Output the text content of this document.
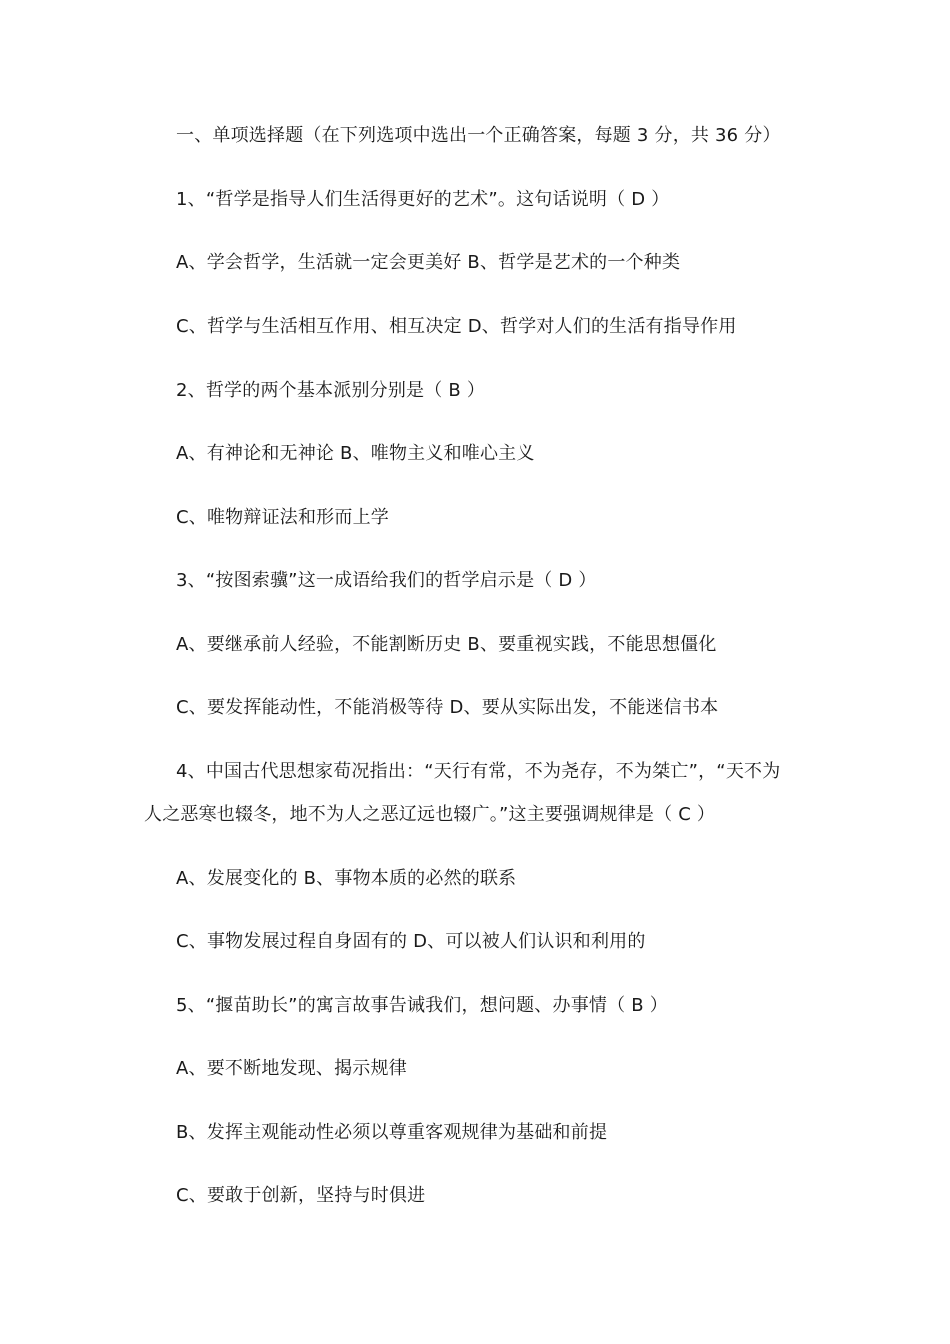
一、单项选择题（在下列选项中选出一个正确答案，每题 3 分，共 36 分）
1、“哲学是指导人们生活得更好的艺术”。这句话说明（ D ）
A、学会哲学，生活就一定会更美好 B、哲学是艺术的一个种类
C、哲学与生活相互作用、相互决定 D、哲学对人们的生活有指导作用
2、哲学的两个基本派别分别是（ B ）
A、有神论和无神论 B、唯物主义和唯心主义
C、唯物辩证法和形而上学
3、“按图索骥”这一成语给我们的哲学启示是（ D ）
A、要继承前人经验，不能割断历史 B、要重视实践，不能思想僵化
C、要发挥能动性，不能消极等待 D、要从实际出发，不能迷信书本
4、中国古代思想家荀况指出：“天行有常，不为尧存，不为桀亡”，“天不为
人之恶寒也辍冬，地不为人之恶辽远也辍广。”这主要强调规律是（ C ）
A、发展变化的 B、事物本质的必然的联系
C、事物发展过程自身固有的 D、可以被人们认识和利用的
5、“揠苗助长”的寓言故事告诫我们，想问题、办事情（ B ）
A、要不断地发现、揭示规律
B、发挥主观能动性必须以尊重客观规律为基础和前提
C、要敢于创新，坚持与时俱进
